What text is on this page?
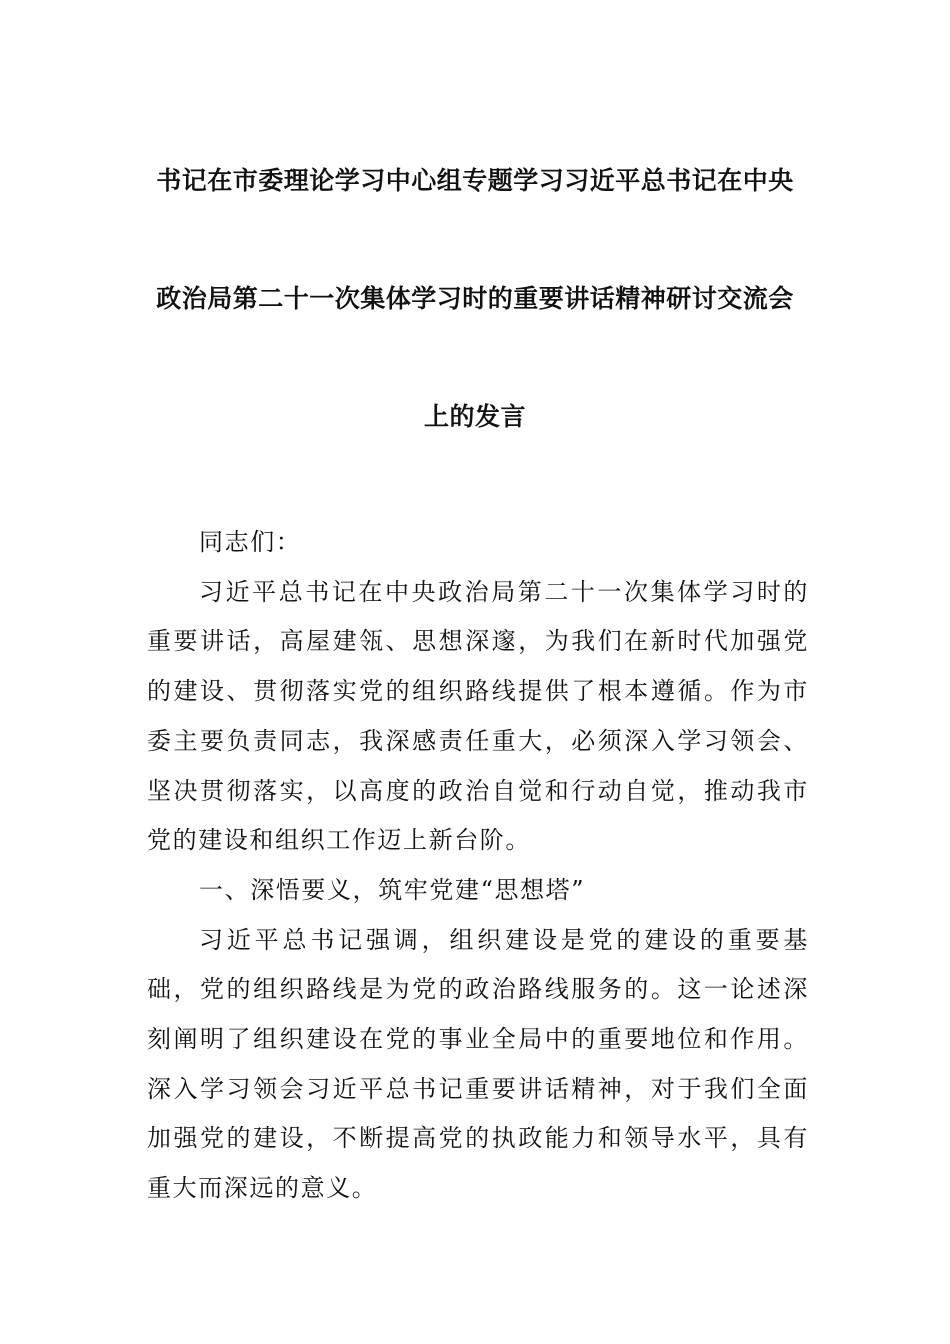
书记在市委理论学习中心组专题学习习近平总书记在中央
政治局第二十一次集体学习时的重要讲话精神研讨交流会
上的发言

同志们：

习近平总书记在中央政治局第二十一次集体学习时的重要讲话，高屋建瓴、思想深邃，为我们在新时代加强党的建设、贯彻落实党的组织路线提供了根本遵循。作为市委主要负责同志，我深感责任重大，必须深入学习领会、坚决贯彻落实，以高度的政治自觉和行动自觉，推动我市党的建设和组织工作迈上新台阶。

一、深悟要义，筑牢党建“思想塔”

习近平总书记强调，组织建设是党的建设的重要基础，党的组织路线是为党的政治路线服务的。这一论述深刻阐明了组织建设在党的事业全局中的重要地位和作用。深入学习领会习近平总书记重要讲话精神，对于我们全面加强党的建设，不断提高党的执政能力和领导水平，具有重大而深远的意义。
